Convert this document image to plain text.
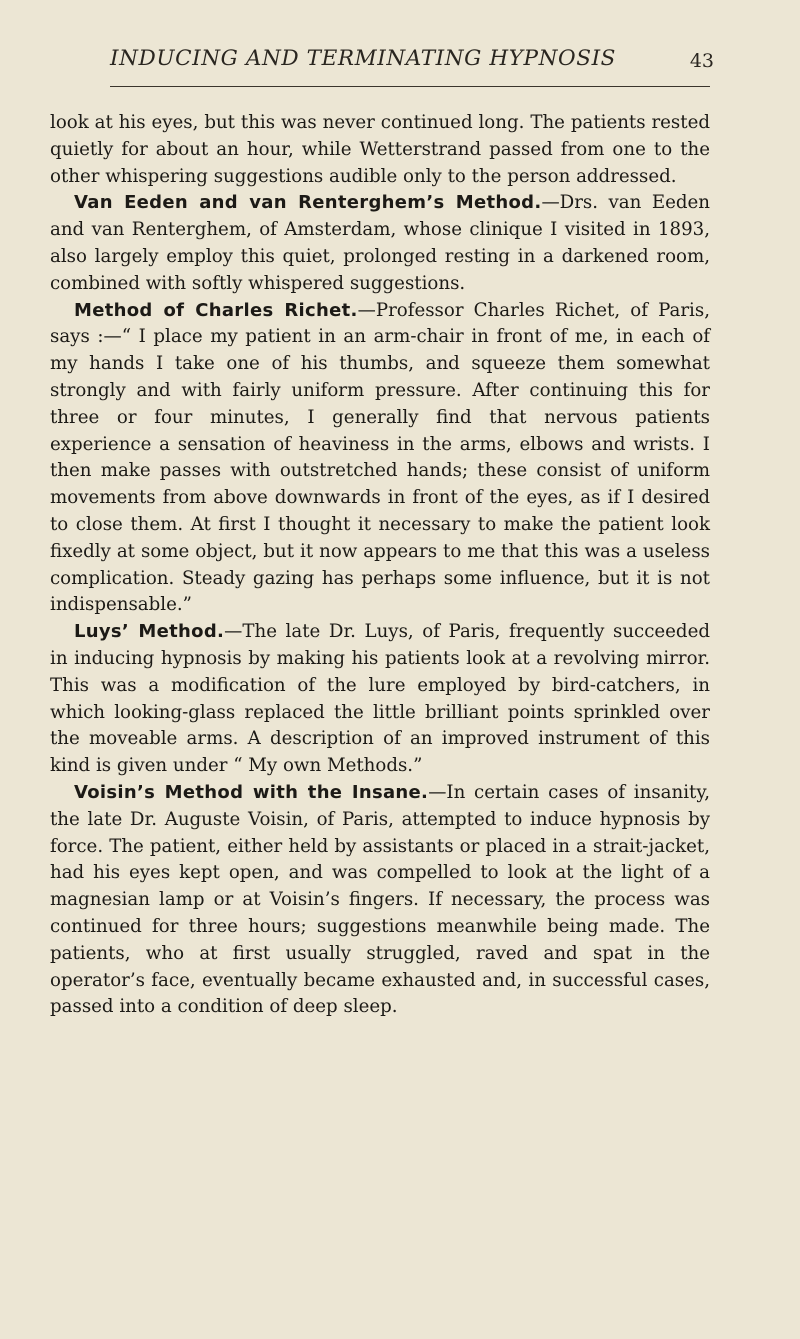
INDUCING AND TERMINATING HYPNOSIS	43

look at his eyes, but this was never continued long. The patients rested quietly for about an hour, while Wetterstrand passed from one to the other whispering suggestions audible only to the person addressed.

Van Eeden and van Renterghem’s Method.—Drs. van Eeden and van Renterghem, of Amsterdam, whose clinique I visited in 1893, also largely employ this quiet, prolonged resting in a darkened room, combined with softly whispered suggestions.

Method of Charles Richet.—Professor Charles Richet, of Paris, says :—“ I place my patient in an arm-chair in front of me, in each of my hands I take one of his thumbs, and squeeze them somewhat strongly and with fairly uniform pressure. After continuing this for three or four minutes, I generally find that nervous patients experience a sensation of heaviness in the arms, elbows and wrists. I then make passes with outstretched hands; these consist of uniform movements from above downwards in front of the eyes, as if I desired to close them. At first I thought it necessary to make the patient look fixedly at some object, but it now appears to me that this was a useless complication. Steady gazing has perhaps some influence, but it is not indispensable.”

Luys’ Method.—The late Dr. Luys, of Paris, frequently succeeded in inducing hypnosis by making his patients look at a revolving mirror. This was a modification of the lure employed by bird-catchers, in which looking-glass replaced the little brilliant points sprinkled over the moveable arms. A description of an improved instrument of this kind is given under “ My own Methods.”

Voisin’s Method with the Insane.—In certain cases of insanity, the late Dr. Auguste Voisin, of Paris, attempted to induce hypnosis by force. The patient, either held by assistants or placed in a strait-jacket, had his eyes kept open, and was compelled to look at the light of a magnesian lamp or at Voisin’s fingers. If necessary, the process was continued for three hours; suggestions meanwhile being made. The patients, who at first usually struggled, raved and spat in the operator’s face, eventually became exhausted and, in successful cases, passed into a condition of deep sleep.
